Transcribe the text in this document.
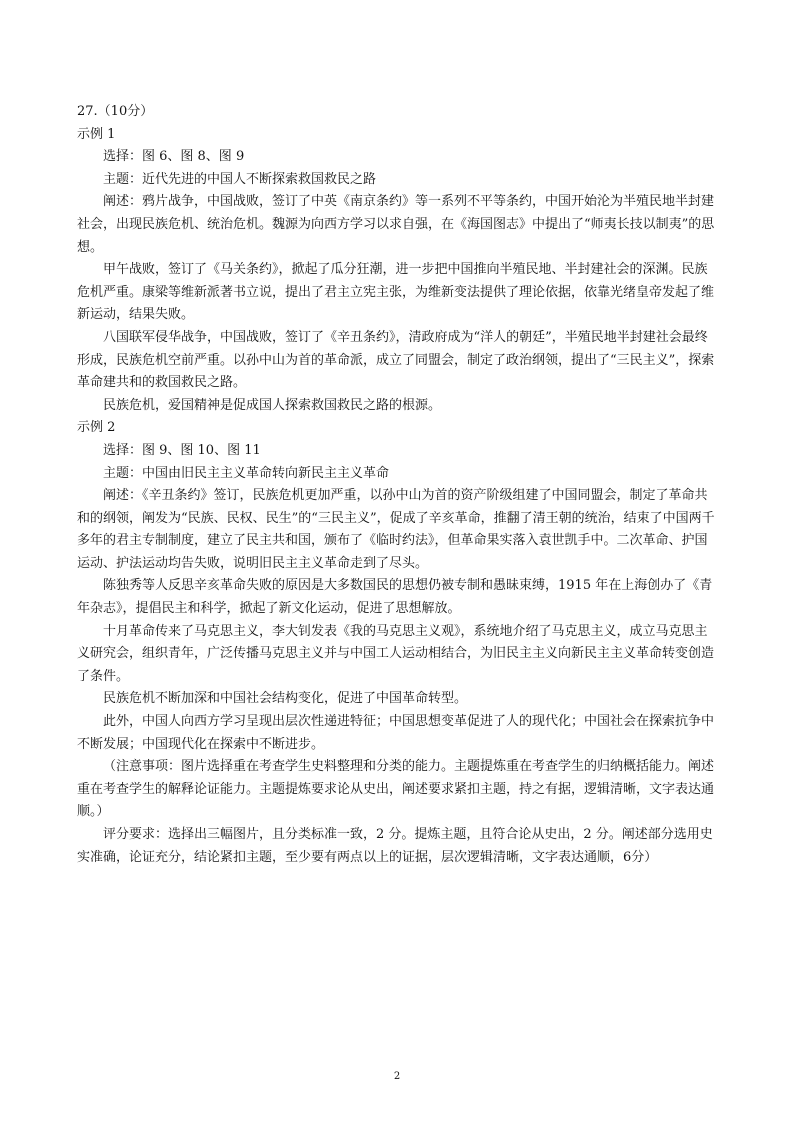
27.（10分）

示例 1

选择：图 6、图 8、图 9

主题：近代先进的中国人不断探索救国救民之路

阐述：鸦片战争，中国战败，签订了中英《南京条约》等一系列不平等条约，中国开始沦为半殖民地半封建社会，出现民族危机、统治危机。魏源为向西方学习以求自强，在《海国图志》中提出了“师夷长技以制夷”的思想。

甲午战败，签订了《马关条约》，掀起了瓜分狂潮，进一步把中国推向半殖民地、半封建社会的深渊。民族危机严重。康梁等维新派著书立说，提出了君主立宪主张，为维新变法提供了理论依据，依靠光绪皇帝发起了维新运动，结果失败。

八国联军侵华战争，中国战败，签订了《辛丑条约》，清政府成为“洋人的朝廷”，半殖民地半封建社会最终形成，民族危机空前严重。以孙中山为首的革命派，成立了同盟会，制定了政治纲领，提出了“三民主义”，探索革命建共和的救国救民之路。

民族危机，爱国精神是促成国人探索救国救民之路的根源。

示例 2

选择：图 9、图 10、图 11

主题：中国由旧民主主义革命转向新民主主义革命

阐述：《辛丑条约》签订，民族危机更加严重，以孙中山为首的资产阶级组建了中国同盟会，制定了革命共和的纲领，阐发为“民族、民权、民生”的“三民主义”，促成了辛亥革命，推翻了清王朝的统治，结束了中国两千多年的君主专制制度，建立了民主共和国，颁布了《临时约法》，但革命果实落入袁世凯手中。二次革命、护国运动、护法运动均告失败，说明旧民主主义革命走到了尽头。

陈独秀等人反思辛亥革命失败的原因是大多数国民的思想仍被专制和愚昧束缚，1915 年在上海创办了《青年杂志》，提倡民主和科学，掀起了新文化运动，促进了思想解放。

十月革命传来了马克思主义，李大钊发表《我的马克思主义观》，系统地介绍了马克思主义，成立马克思主义研究会，组织青年，广泛传播马克思主义并与中国工人运动相结合，为旧民主主义向新民主主义革命转变创造了条件。

民族危机不断加深和中国社会结构变化，促进了中国革命转型。

此外，中国人向西方学习呈现出层次性递进特征；中国思想变革促进了人的现代化；中国社会在探索抗争中不断发展；中国现代化在探索中不断进步。

（注意事项：图片选择重在考查学生史料整理和分类的能力。主题提炼重在考查学生的归纳概括能力。阐述重在考查学生的解释论证能力。主题提炼要求论从史出，阐述要求紧扣主题，持之有据，逻辑清晰，文字表达通顺。）

评分要求：选择出三幅图片，且分类标准一致，2 分。提炼主题，且符合论从史出，2 分。阐述部分选用史实准确，论证充分，结论紧扣主题，至少要有两点以上的证据，层次逻辑清晰，文字表达通顺，6分）

2
